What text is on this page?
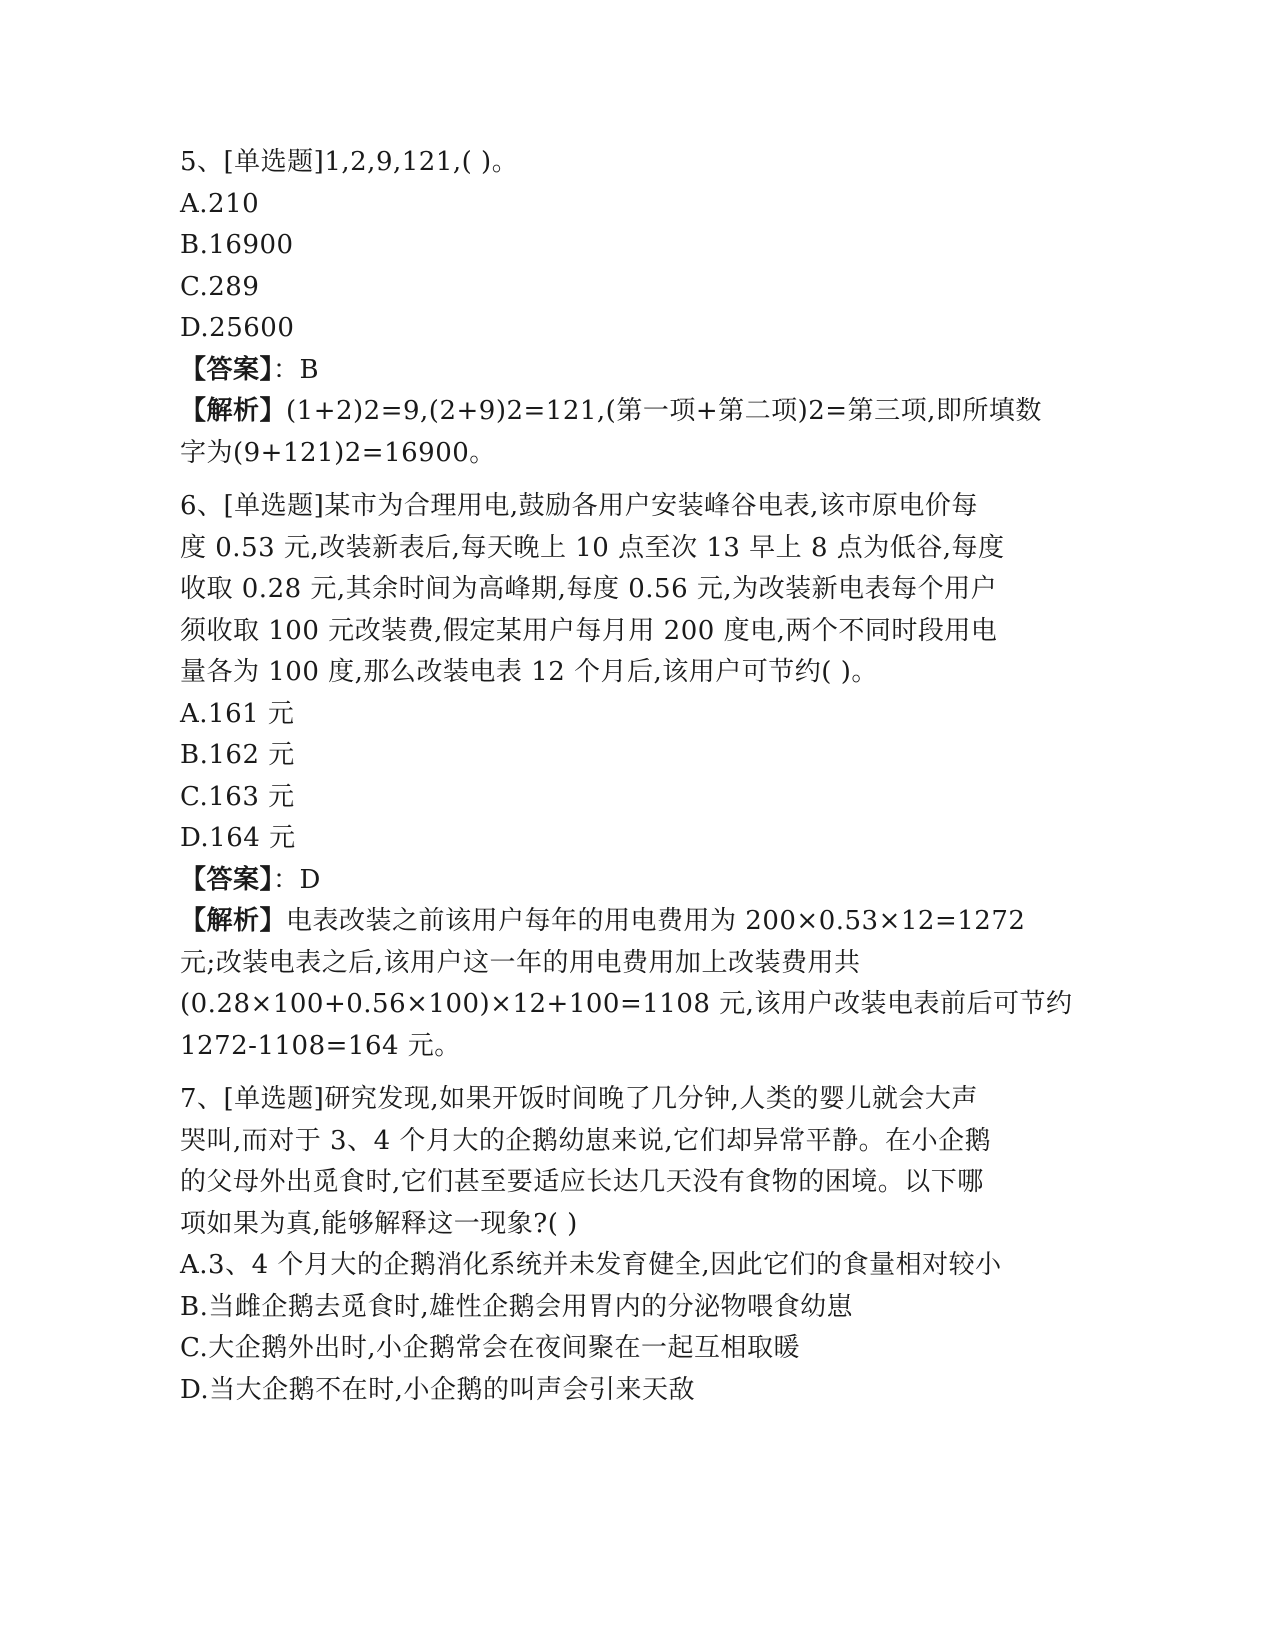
5、[单选题]1,2,9,121,( )。
A.210
B.16900
C.289
D.25600
【答案】：B
【解析】(1+2)2=9,(2+9)2=121,(第一项+第二项)2=第三项,即所填数
字为(9+121)2=16900。
6、[单选题]某市为合理用电,鼓励各用户安装峰谷电表,该市原电价每
度 0.53 元,改装新表后,每天晚上 10 点至次 13 早上 8 点为低谷,每度
收取 0.28 元,其余时间为高峰期,每度 0.56 元,为改装新电表每个用户
须收取 100 元改装费,假定某用户每月用 200 度电,两个不同时段用电
量各为 100 度,那么改装电表 12 个月后,该用户可节约( )。
A.161 元
B.162 元
C.163 元
D.164 元
【答案】：D
【解析】电表改装之前该用户每年的用电费用为 200×0.53×12=1272
元;改装电表之后,该用户这一年的用电费用加上改装费用共
(0.28×100+0.56×100)×12+100=1108 元,该用户改装电表前后可节约
1272-1108=164 元。
7、[单选题]研究发现,如果开饭时间晚了几分钟,人类的婴儿就会大声
哭叫,而对于 3、4 个月大的企鹅幼崽来说,它们却异常平静。在小企鹅
的父母外出觅食时,它们甚至要适应长达几天没有食物的困境。以下哪
项如果为真,能够解释这一现象?( )
A.3、4 个月大的企鹅消化系统并未发育健全,因此它们的食量相对较小
B.当雌企鹅去觅食时,雄性企鹅会用胃内的分泌物喂食幼崽
C.大企鹅外出时,小企鹅常会在夜间聚在一起互相取暖
D.当大企鹅不在时,小企鹅的叫声会引来天敌
